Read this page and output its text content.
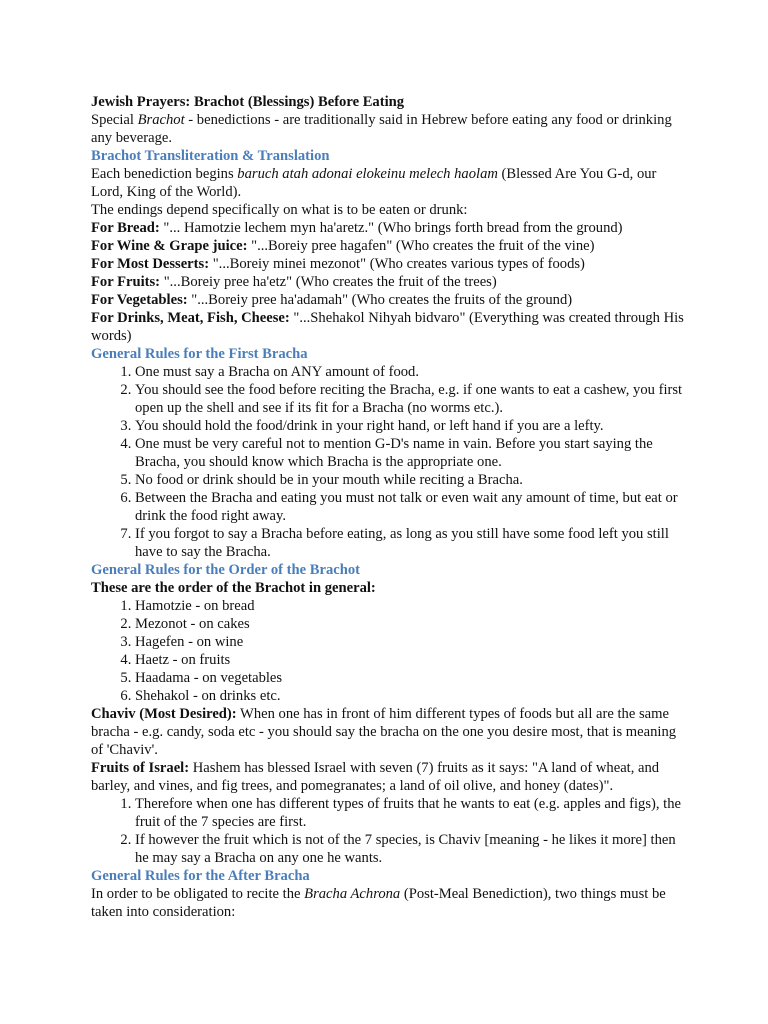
Jewish Prayers: Brachot (Blessings) Before Eating

Special Brachot - benedictions - are traditionally said in Hebrew before eating any food or drinking any beverage.

Brachot Transliteration & Translation

Each benediction begins baruch atah adonai elokeinu melech haolam (Blessed Are You G-d, our Lord, King of the World).

The endings depend specifically on what is to be eaten or drunk:

For Bread: "... Hamotzie lechem myn ha'aretz." (Who brings forth bread from the ground)

For Wine & Grape juice: "...Boreiy pree hagafen" (Who creates the fruit of the vine)

For Most Desserts: "...Boreiy minei mezonot" (Who creates various types of foods)

For Fruits: "...Boreiy pree ha'etz" (Who creates the fruit of the trees)

For Vegetables: "...Boreiy pree ha'adamah" (Who creates the fruits of the ground)

For Drinks, Meat, Fish, Cheese: "...Shehakol Nihyah bidvaro" (Everything was created through His words)

General Rules for the First Bracha

1. One must say a Bracha on ANY amount of food.
2. You should see the food before reciting the Bracha, e.g. if one wants to eat a cashew, you first open up the shell and see if its fit for a Bracha (no worms etc.).
3. You should hold the food/drink in your right hand, or left hand if you are a lefty.
4. One must be very careful not to mention G-D's name in vain. Before you start saying the Bracha, you should know which Bracha is the appropriate one.
5. No food or drink should be in your mouth while reciting a Bracha.
6. Between the Bracha and eating you must not talk or even wait any amount of time, but eat or drink the food right away.
7. If you forgot to say a Bracha before eating, as long as you still have some food left you still have to say the Bracha.

General Rules for the Order of the Brachot

These are the order of the Brachot in general:

1. Hamotzie - on bread
2. Mezonot - on cakes
3. Hagefen - on wine
4. Haetz - on fruits
5. Haadama - on vegetables
6. Shehakol - on drinks etc.

Chaviv (Most Desired): When one has in front of him different types of foods but all are the same bracha - e.g. candy, soda etc - you should say the bracha on the one you desire most, that is meaning of 'Chaviv'.

Fruits of Israel: Hashem has blessed Israel with seven (7) fruits as it says: "A land of wheat, and barley, and vines, and fig trees, and pomegranates; a land of oil olive, and honey (dates)".

1. Therefore when one has different types of fruits that he wants to eat (e.g. apples and figs), the fruit of the 7 species are first.
2. If however the fruit which is not of the 7 species, is Chaviv [meaning - he likes it more] then he may say a Bracha on any one he wants.

General Rules for the After Bracha

In order to be obligated to recite the Bracha Achrona (Post-Meal Benediction), two things must be taken into consideration:
